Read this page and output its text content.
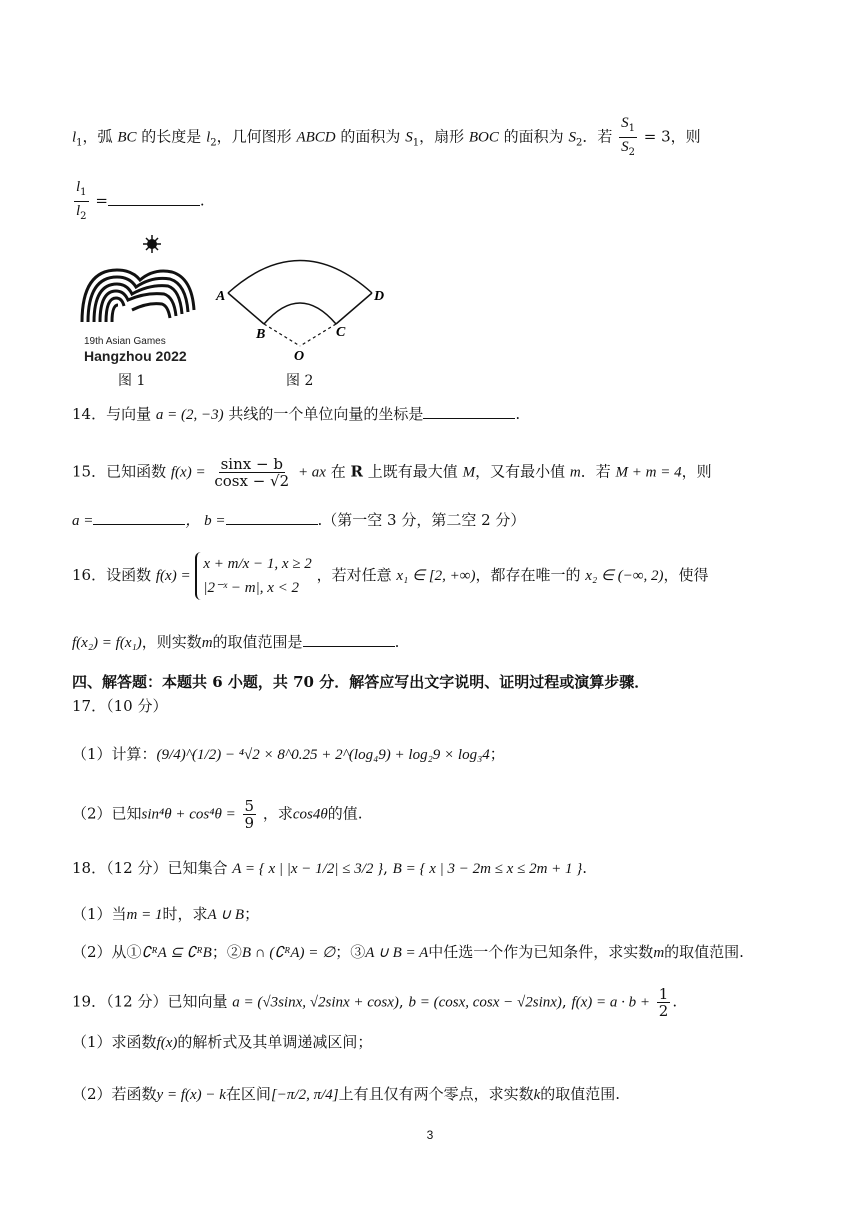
$l_1$，弧 BC 的长度是 $l_2$，几何图形 ABCD 的面积为 $S_1$，扇形 BOC 的面积为 $S_2$．若 $\frac{S_1}{S_2} = 3$，则
$\frac{l_1}{l_2}$ =	.
19th Asian Games
Hangzhou 2022
图 1
A
B	C
D
O
图 2
14．与向量 a = (2, −3) 共线的一个单位向量的坐标是	.
15．已知函数 $f(x) = \frac{\sin x - b}{\cos x - √2}$ + ax 在 R 上既有最大值 M，又有最小值 m．若 M + m = 4，则
a =	， b =	.（第一空 3 分，第二空 2 分）
16．设函数 f(x) =
x + m/x − 1, x ≥ 2
|2⁻ˣ − m|, x < 2
，若对任意 x₁ ∈ [2, +∞)，都存在唯一的 x₂ ∈ (−∞, 2)，使得
f(x₂) = f(x₁)，则实数m的取值范围是	.
四、解答题：本题共 6 小题，共 70 分．解答应写出文字说明、证明过程或演算步骤．
17．（10 分）
（1）计算：(9/4)^(1/2) − ⁴√2 × 8^0.25 + 2^(log₄9) + log₂9 × log₃4；
（2）已知$\sin^4\theta + \cos^4\theta = \frac{5}{9}$ ，求cos4θ的值.
18．（12 分）已知集合 A = { x | |x − 1/2| ≤ 3/2 }, B = { x | 3 − 2m ≤ x ≤ 2m + 1 }.
（1）当m = 1时，求A ∪ B；
（2）从①∁ᴿA ⊆ ∁ᴿB；②B ∩ (∁ᴿA) = ∅；③A ∪ B = A中任选一个作为已知条件，求实数m的取值范围.
19．（12 分）已知向量 a = (√3sinx, √2sinx + cosx), b = (cosx, cosx − √2sinx), $f(x) = a \cdot b + \frac{1}{2}$ .
（1）求函数f(x)的解析式及其单调递减区间；
（2）若函数y = f(x) − k在区间[−π/2, π/4]上有且仅有两个零点，求实数k的取值范围.
3
